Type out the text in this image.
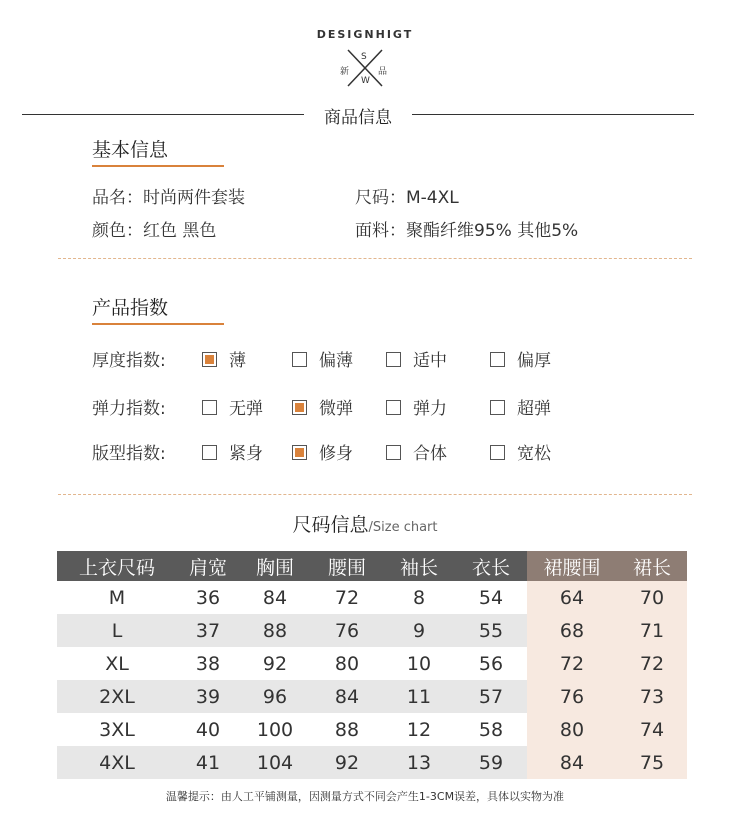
DESIGNHIGT
S
W
新	品
商品信息
基本信息
品名：时尚两件套装	尺码：M-4XL
颜色：红色 黑色	面料：聚酯纤维95% 其他5%
产品指数
厚度指数:	薄	偏薄	适中	偏厚
弹力指数:	无弹	微弹	弹力	超弹
版型指数:	紧身	修身	合体	宽松
尺码信息/Size chart
上衣尺码	肩宽	胸围	腰围	袖长	衣长	裙腰围	裙长
M	36	84	72	8	54	64	70
L	37	88	76	9	55	68	71
XL	38	92	80	10	56	72	72
2XL	39	96	84	11	57	76	73
3XL	40	100	88	12	58	80	74
4XL	41	104	92	13	59	84	75
温馨提示：由人工平铺测量，因测量方式不同会产生1-3CM误差，具体以实物为准
